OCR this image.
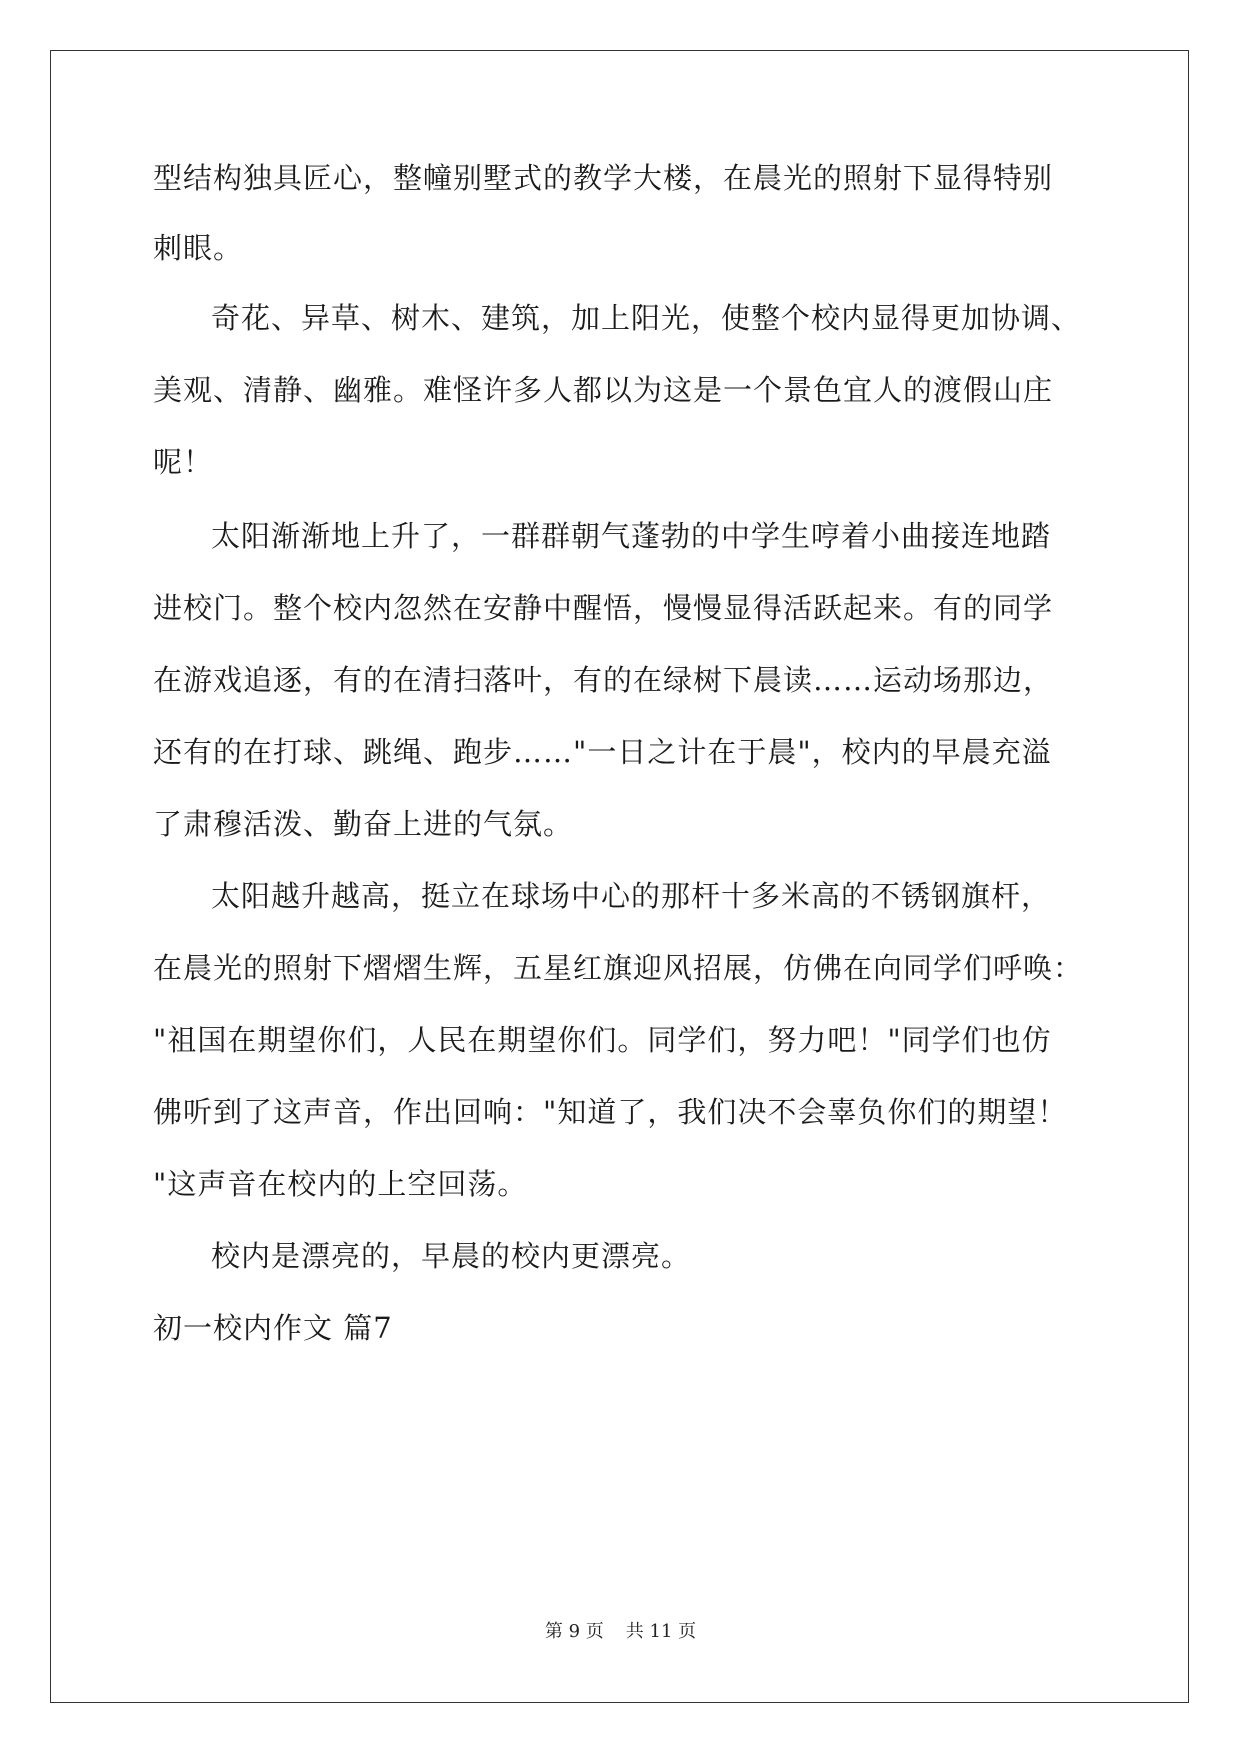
型结构独具匠心，整幢别墅式的教学大楼，在晨光的照射下显得特别
刺眼。
奇花、异草、树木、建筑，加上阳光，使整个校内显得更加协调、
美观、清静、幽雅。难怪许多人都以为这是一个景色宜人的渡假山庄
呢！
太阳渐渐地上升了，一群群朝气蓬勃的中学生哼着小曲接连地踏
进校门。整个校内忽然在安静中醒悟，慢慢显得活跃起来。有的同学
在游戏追逐，有的在清扫落叶，有的在绿树下晨读……运动场那边，
还有的在打球、跳绳、跑步……"一日之计在于晨"，校内的早晨充溢
了肃穆活泼、勤奋上进的气氛。
太阳越升越高，挺立在球场中心的那杆十多米高的不锈钢旗杆，
在晨光的照射下熠熠生辉，五星红旗迎风招展，仿佛在向同学们呼唤：
"祖国在期望你们，人民在期望你们。同学们，努力吧！"同学们也仿
佛听到了这声音，作出回响："知道了，我们决不会辜负你们的期望！
"这声音在校内的上空回荡。
校内是漂亮的，早晨的校内更漂亮。
初一校内作文 篇7
第 9 页 共 11 页
